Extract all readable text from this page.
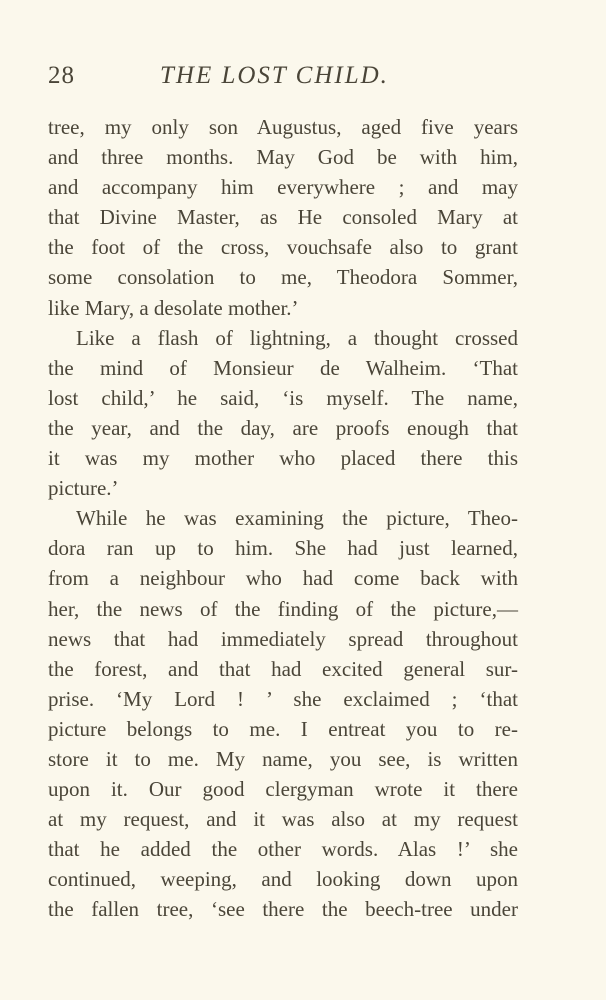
28	THE LOST CHILD.
tree, my only son Augustus, aged five years
and three months. May God be with him,
and accompany him everywhere ; and may
that Divine Master, as He consoled Mary at
the foot of the cross, vouchsafe also to grant
some consolation to me, Theodora Sommer,
like Mary, a desolate mother.’
Like a flash of lightning, a thought crossed
the mind of Monsieur de Walheim. ‘That
lost child,’ he said, ‘is myself. The name,
the year, and the day, are proofs enough that
it was my mother who placed there this
picture.’
While he was examining the picture, Theo-
dora ran up to him. She had just learned,
from a neighbour who had come back with
her, the news of the finding of the picture,—
news that had immediately spread throughout
the forest, and that had excited general sur-
prise. ‘My Lord ! ’ she exclaimed ; ‘that
picture belongs to me. I entreat you to re-
store it to me. My name, you see, is written
upon it. Our good clergyman wrote it there
at my request, and it was also at my request
that he added the other words. Alas !’ she
continued, weeping, and looking down upon
the fallen tree, ‘see there the beech-tree under
